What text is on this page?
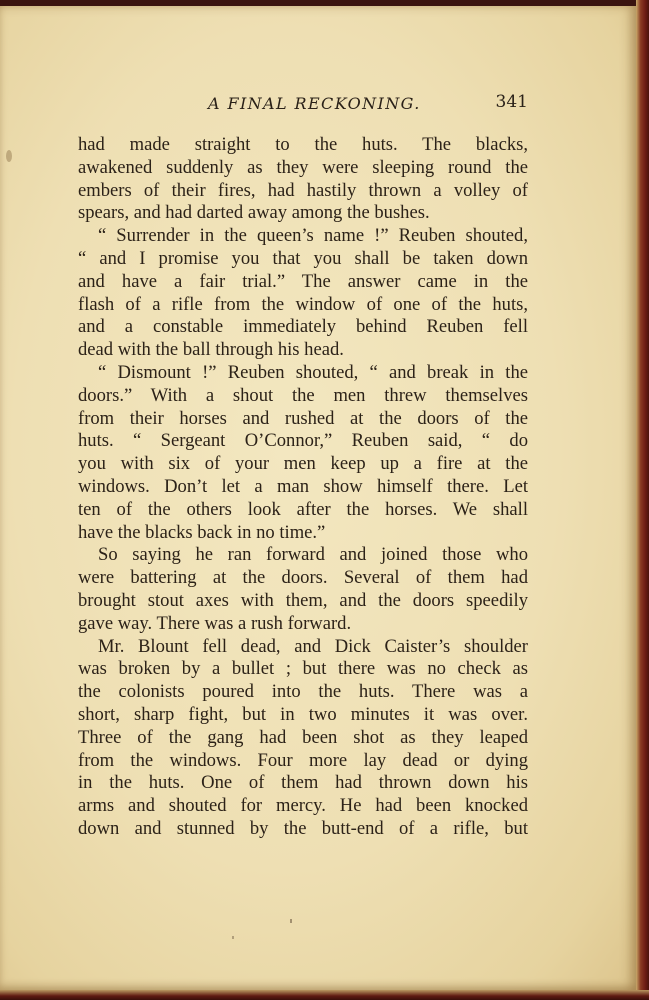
A FINAL RECKONING.	341
had made straight to the huts. The blacks,
awakened suddenly as they were sleeping round the
embers of their fires, had hastily thrown a volley of
spears, and had darted away among the bushes.
“ Surrender in the queen’s name !” Reuben shouted,
“ and I promise you that you shall be taken down
and have a fair trial.” The answer came in the
flash of a rifle from the window of one of the huts,
and a constable immediately behind Reuben fell
dead with the ball through his head.
“ Dismount !” Reuben shouted, “ and break in the
doors.” With a shout the men threw themselves
from their horses and rushed at the doors of the
huts. “ Sergeant O’Connor,” Reuben said, “ do
you with six of your men keep up a fire at the
windows. Don’t let a man show himself there. Let
ten of the others look after the horses. We shall
have the blacks back in no time.”
So saying he ran forward and joined those who
were battering at the doors. Several of them had
brought stout axes with them, and the doors speedily
gave way. There was a rush forward.
Mr. Blount fell dead, and Dick Caister’s shoulder
was broken by a bullet ; but there was no check as
the colonists poured into the huts. There was a
short, sharp fight, but in two minutes it was over.
Three of the gang had been shot as they leaped
from the windows. Four more lay dead or dying
in the huts. One of them had thrown down his
arms and shouted for mercy. He had been knocked
down and stunned by the butt-end of a rifle, but
